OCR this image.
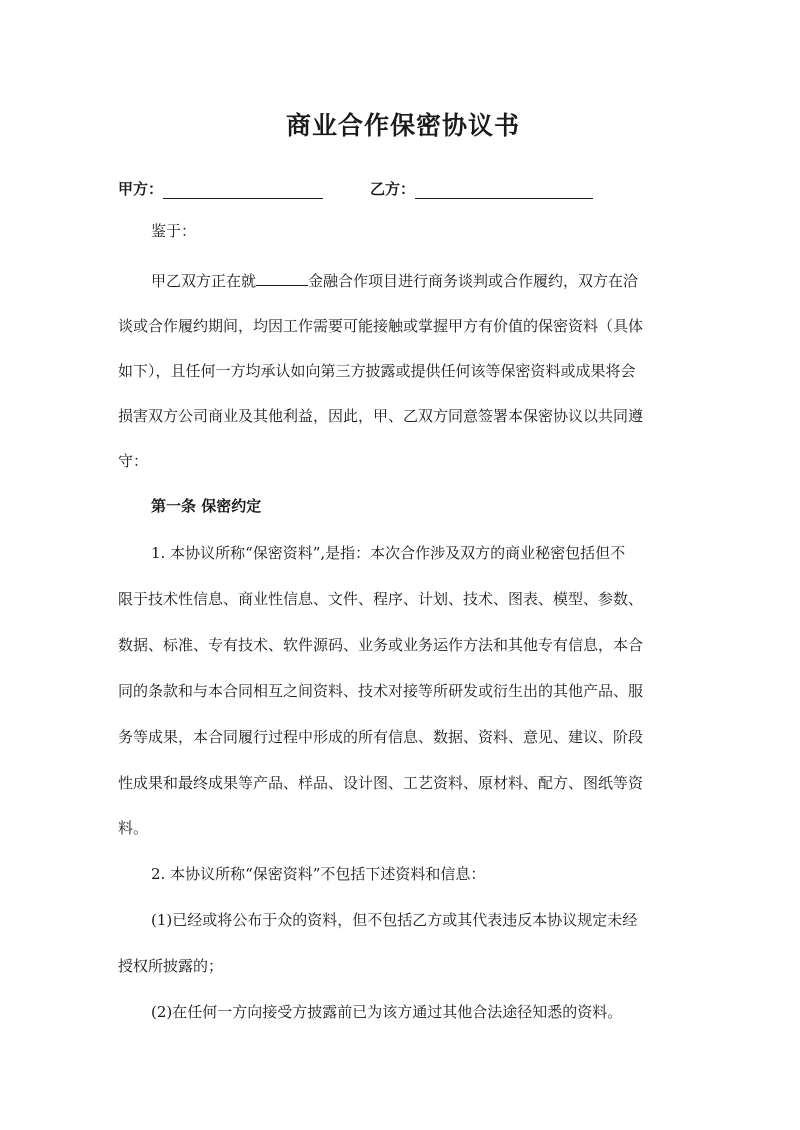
商业合作保密协议书
甲方：	乙方：
鉴于：
甲乙双方正在就	金融合作项目进行商务谈判或合作履约，双方在洽
谈或合作履约期间，均因工作需要可能接触或掌握甲方有价值的保密资料（具体
如下），且任何一方均承认如向第三方披露或提供任何该等保密资料或成果将会
损害双方公司商业及其他利益，因此，甲、乙双方同意签署本保密协议以共同遵
守：
第一条 保密约定
1. 本协议所称“保密资料”,是指：本次合作涉及双方的商业秘密包括但不
限于技术性信息、商业性信息、文件、程序、计划、技术、图表、模型、参数、
数据、标准、专有技术、软件源码、业务或业务运作方法和其他专有信息，本合
同的条款和与本合同相互之间资料、技术对接等所研发或衍生出的其他产品、服
务等成果，本合同履行过程中形成的所有信息、数据、资料、意见、建议、阶段
性成果和最终成果等产品、样品、设计图、工艺资料、原材料、配方、图纸等资
料。
2. 本协议所称“保密资料”不包括下述资料和信息：
(1)已经或将公布于众的资料，但不包括乙方或其代表违反本协议规定未经
授权所披露的；
(2)在任何一方向接受方披露前已为该方通过其他合法途径知悉的资料。
